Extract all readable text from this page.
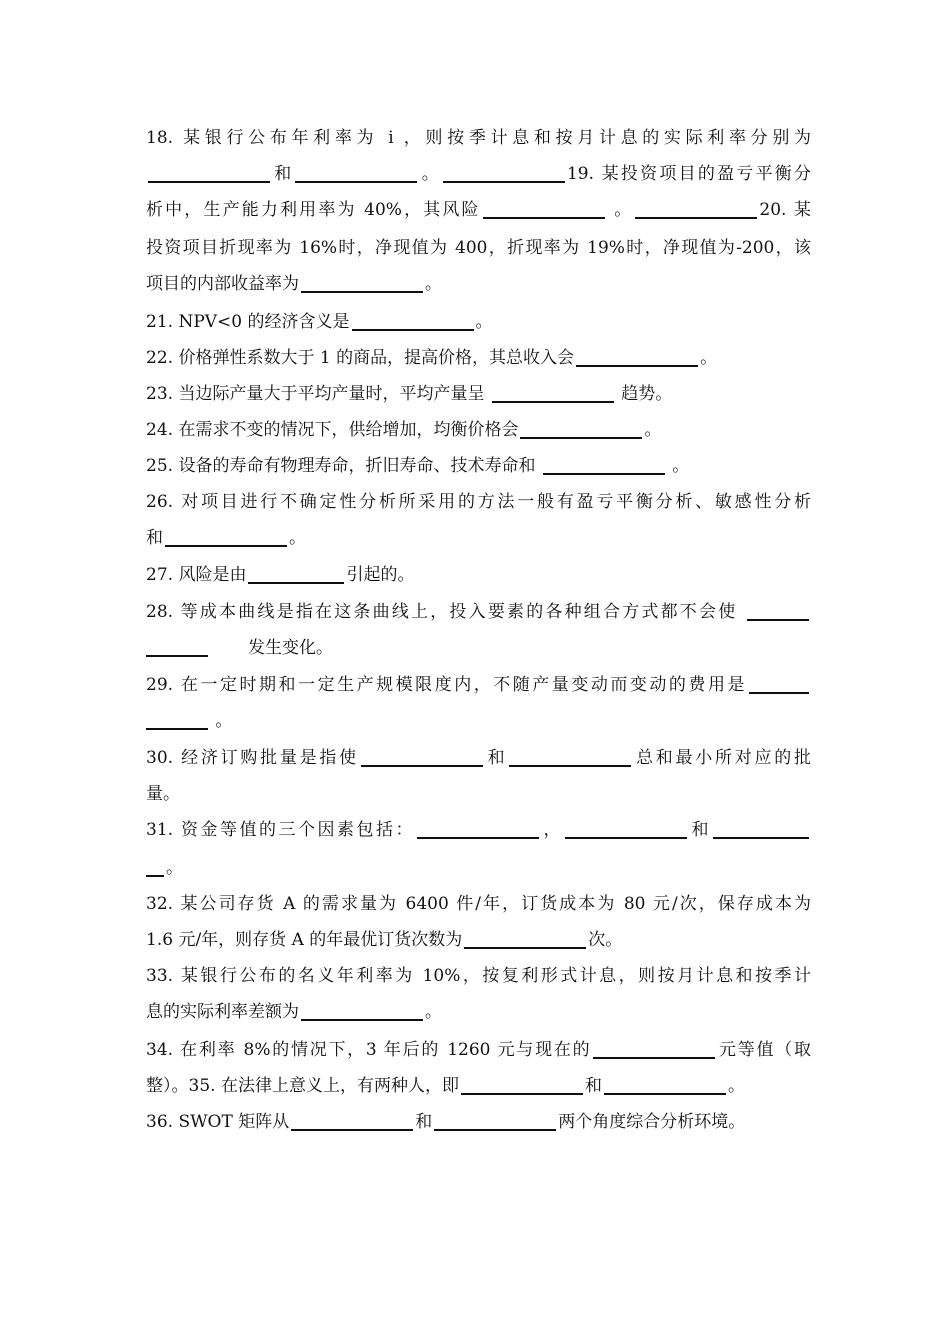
18. 某银行公布年利率为 i ，则按季计息和按月计息的实际利率分别为
和	。	19. 某投资项目的盈亏平衡分
析中，生产能力利用率为 40%，其风险	。	20. 某
投资项目折现率为 16%时，净现值为 400，折现率为 19%时，净现值为-200，该
项目的内部收益率为	。
21. NPV<0 的经济含义是	。
22. 价格弹性系数大于 1 的商品，提高价格，其总收入会	。
23. 当边际产量大于平均产量时，平均产量呈	趋势。
24. 在需求不变的情况下，供给增加，均衡价格会	。
25. 设备的寿命有物理寿命，折旧寿命、技术寿命和	。
26. 对项目进行不确定性分析所采用的方法一般有盈亏平衡分析、敏感性分析
和	。
27. 风险是由	引起的。
28. 等成本曲线是指在这条曲线上，投入要素的各种组合方式都不会使
发生变化。
29. 在一定时期和一定生产规模限度内，不随产量变动而变动的费用是
。
30. 经济订购批量是指使	和	总和最小所对应的批
量。
31. 资金等值的三个因素包括：	，	和
。
32. 某公司存货 A 的需求量为 6400 件/年，订货成本为 80 元/次，保存成本为
1.6 元/年，则存货 A 的年最优订货次数为	次。
33. 某银行公布的名义年利率为 10%，按复利形式计息，则按月计息和按季计
息的实际利率差额为	。
34. 在利率 8%的情况下，3 年后的 1260 元与现在的	元等值（取
整）。35. 在法律上意义上，有两种人，即	和	。
36. SWOT 矩阵从	和	两个角度综合分析环境。
